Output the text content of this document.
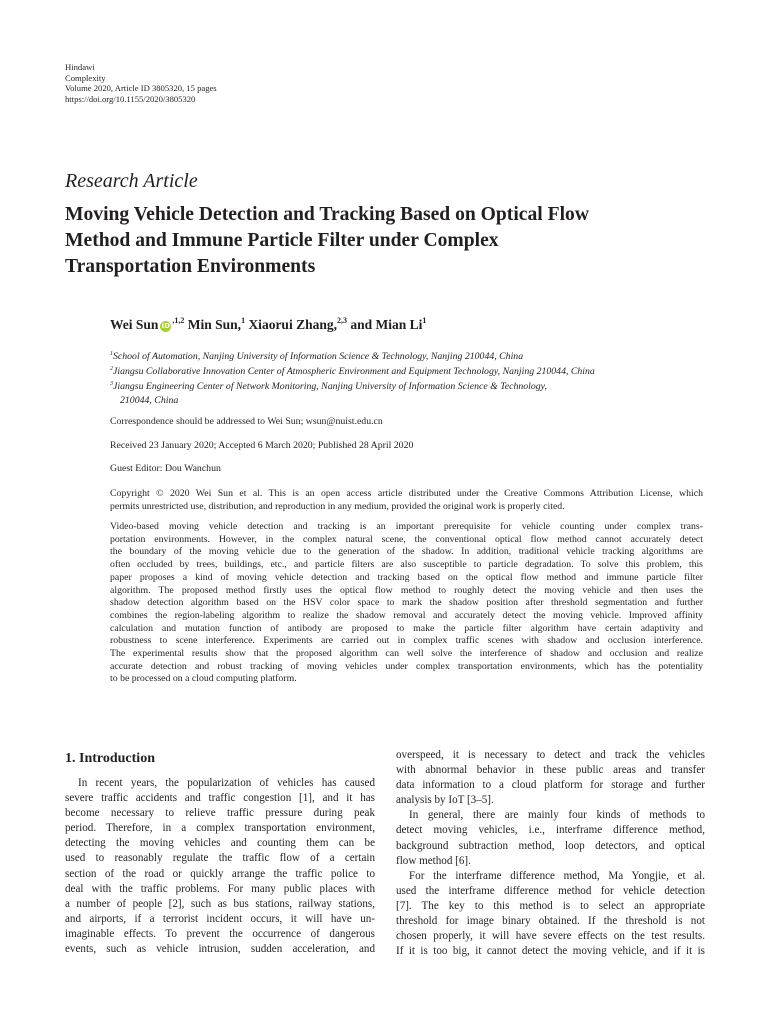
Hindawi
Complexity
Volume 2020, Article ID 3805320, 15 pages
https://doi.org/10.1155/2020/3805320
Research Article
Moving Vehicle Detection and Tracking Based on Optical Flow
Method and Immune Particle Filter under Complex
Transportation Environments
Wei Sun $iD^{,1,2}$ Min Sun,$^1$ Xiaorui Zhang,$^{2,3}$ and Mian Li$^1$
$^1$School of Automation, Nanjing University of Information Science & Technology, Nanjing 210044, China
$^2$Jiangsu Collaborative Innovation Center of Atmospheric Environment and Equipment Technology, Nanjing 210044, China
$^3$Jiangsu Engineering Center of Network Monitoring, Nanjing University of Information Science & Technology,
210044, China
Correspondence should be addressed to Wei Sun; wsun@nuist.edu.cn
Received 23 January 2020; Accepted 6 March 2020; Published 28 April 2020
Guest Editor: Dou Wanchun
Copyright © 2020 Wei Sun et al. This is an open access article distributed under the Creative Commons Attribution License, which
permits unrestricted use, distribution, and reproduction in any medium, provided the original work is properly cited.
Video-based moving vehicle detection and tracking is an important prerequisite for vehicle counting under complex trans-
portation environments. However, in the complex natural scene, the conventional optical flow method cannot accurately detect
the boundary of the moving vehicle due to the generation of the shadow. In addition, traditional vehicle tracking algorithms are
often occluded by trees, buildings, etc., and particle filters are also susceptible to particle degradation. To solve this problem, this
paper proposes a kind of moving vehicle detection and tracking based on the optical flow method and immune particle filter
algorithm. The proposed method firstly uses the optical flow method to roughly detect the moving vehicle and then uses the
shadow detection algorithm based on the HSV color space to mark the shadow position after threshold segmentation and further
combines the region-labeling algorithm to realize the shadow removal and accurately detect the moving vehicle. Improved affinity
calculation and mutation function of antibody are proposed to make the particle filter algorithm have certain adaptivity and
robustness to scene interference. Experiments are carried out in complex traffic scenes with shadow and occlusion interference.
The experimental results show that the proposed algorithm can well solve the interference of shadow and occlusion and realize
accurate detection and robust tracking of moving vehicles under complex transportation environments, which has the potentiality
to be processed on a cloud computing platform.
1. Introduction
In recent years, the popularization of vehicles has caused
severe traffic accidents and traffic congestion [1], and it has
become necessary to relieve traffic pressure during peak
period. Therefore, in a complex transportation environment,
detecting the moving vehicles and counting them can be
used to reasonably regulate the traffic flow of a certain
section of the road or quickly arrange the traffic police to
deal with the traffic problems. For many public places with
a number of people [2], such as bus stations, railway stations,
and airports, if a terrorist incident occurs, it will have un-
imaginable effects. To prevent the occurrence of dangerous
events, such as vehicle intrusion, sudden acceleration, and
overspeed, it is necessary to detect and track the vehicles
with abnormal behavior in these public areas and transfer
data information to a cloud platform for storage and further
analysis by IoT [3–5].
In general, there are mainly four kinds of methods to
detect moving vehicles, i.e., interframe difference method,
background subtraction method, loop detectors, and optical
flow method [6].
For the interframe difference method, Ma Yongjie, et al.
used the interframe difference method for vehicle detection
[7]. The key to this method is to select an appropriate
threshold for image binary obtained. If the threshold is not
chosen properly, it will have severe effects on the test results.
If it is too big, it cannot detect the moving vehicle, and if it is
